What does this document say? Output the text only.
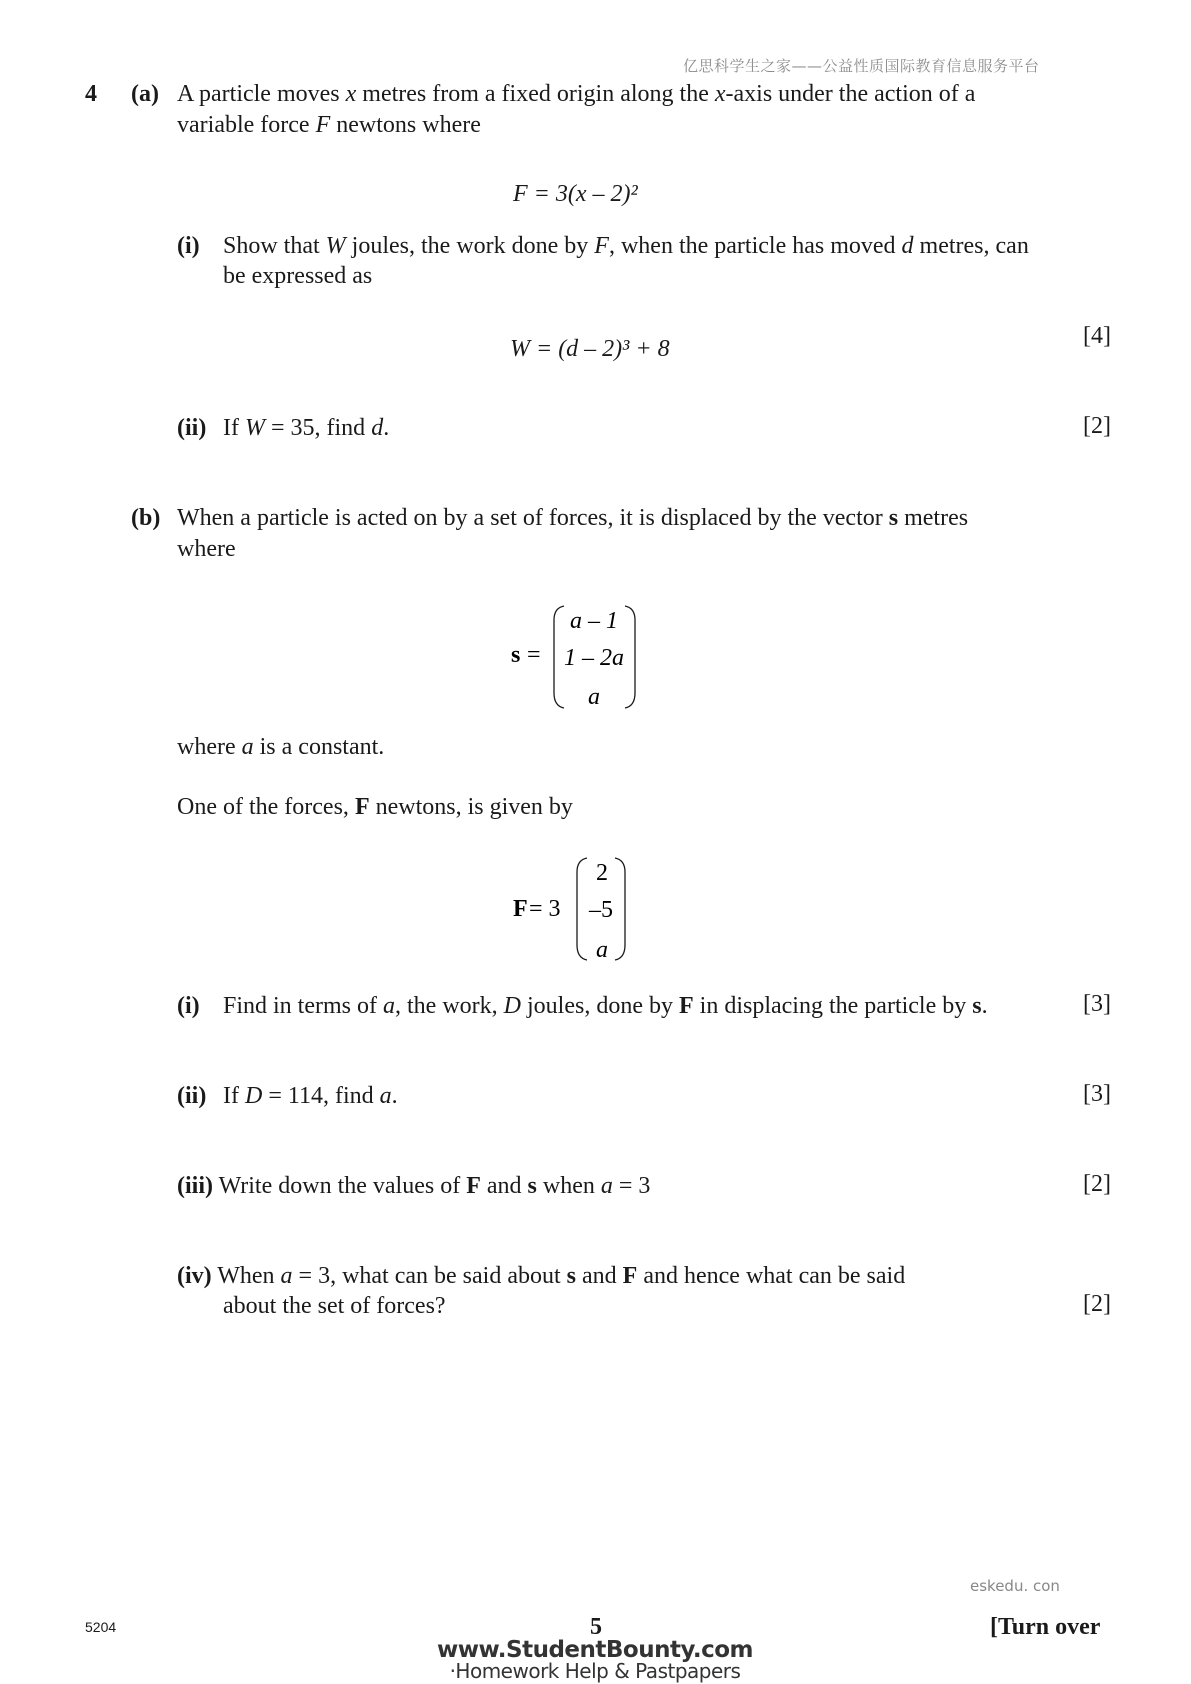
亿思科学生之家——公益性质国际教育信息服务平台
4 (a) A particle moves x metres from a fixed origin along the x-axis under the action of a
variable force F newtons where
F = 3(x – 2)²
(i) Show that W joules, the work done by F, when the particle has moved d metres, can
be expressed as
W = (d – 2)³ + 8	[4]
(ii) If W = 35, find d.	[2]
(b) When a particle is acted on by a set of forces, it is displaced by the vector s metres
where
s =
a – 1
1 – 2a
a
where a is a constant.
One of the forces, F newtons, is given by
F = 3
2
–5
a
(i) Find in terms of a, the work, D joules, done by F in displacing the particle by s.	[3]
(ii) If D = 114, find a.	[3]
(iii) Write down the values of F and s when a = 3	[2]
(iv) When a = 3, what can be said about s and F and hence what can be said
about the set of forces?	[2]
eskedu. con
5204	5	[Turn over
www.StudentBounty.com
·Homework Help & Pastpapers
